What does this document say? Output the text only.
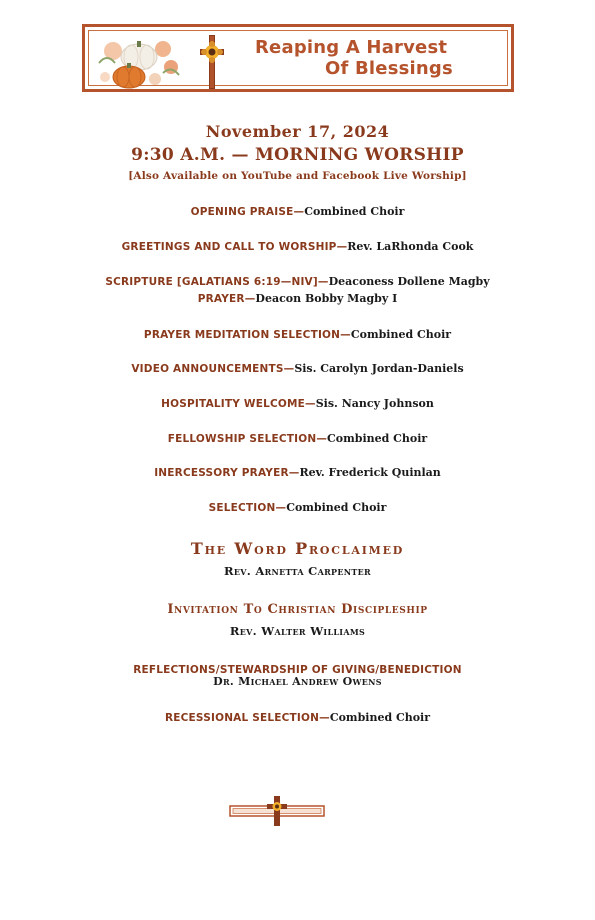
Reaping A Harvest
Of Blessings
November 17, 2024
9:30 A.M. — MORNING WORSHIP
[Also Available on YouTube and Facebook Live Worship]
OPENING PRAISE—Combined Choir
GREETINGS AND CALL TO WORSHIP—Rev. LaRhonda Cook
SCRIPTURE [GALATIANS 6:19—NIV]—Deaconess Dollene Magby
PRAYER—Deacon Bobby Magby I
PRAYER MEDITATION SELECTION—Combined Choir
VIDEO ANNOUNCEMENTS—Sis. Carolyn Jordan-Daniels
HOSPITALITY WELCOME—Sis. Nancy Johnson
FELLOWSHIP SELECTION—Combined Choir
INERCESSORY PRAYER—Rev. Frederick Quinlan
SELECTION—Combined Choir
The Word Proclaimed
Rev. Arnetta Carpenter
Invitation To Christian Discipleship
Rev. Walter Williams
REFLECTIONS/STEWARDSHIP OF GIVING/BENEDICTION
Dr. Michael Andrew Owens
RECESSIONAL SELECTION—Combined Choir
